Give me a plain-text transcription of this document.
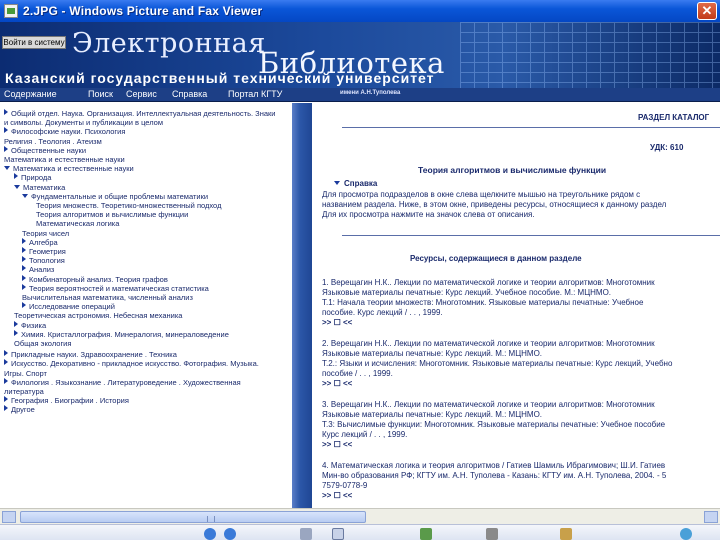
2.JPG - Windows Picture and Fax Viewer	✕
Войти в систему Электронная
Библиотека
Казанский государственный технический университет
Содержание	Поиск Сервис Справка Портал КГТУ	имени А.Н.Туполева
Общий отдел. Наука. Организация. Интеллектуальная деятельность. Знаки
и символы. Документы и публикации в целом
Философские науки. Психология
Религия . Теология . Атеизм
Общественные науки
Математика и естественные науки
Математика и естественные науки
Природа
Математика
Фундаментальные и общие проблемы математики
Теория множеств. Теоретико-множественный подход
Теория алгоритмов и вычислимые функции
Математическая логика
Теория чисел
Алгебра
Геометрия
Топология
Анализ
Комбинаторный анализ. Теория графов
Теория вероятностей и математическая статистика
Вычислительная математика, численный анализ
Исследование операций
Теоретическая астрономия. Небесная механика
Физика
Химия. Кристаллография. Минералогия, минераловедение
Общая экология
Прикладные науки. Здравоохранение . Техника
Искусство. Декоративно - прикладное искусство. Фотография. Музыка.
Игры. Спорт
Филология . Языкознание . Литературоведение . Художественная
литература
География . Биографии . История
Другое
РАЗДЕЛ КАТАЛОГ
УДК: 610
Теория алгоритмов и вычислимые функции
Справка
Для просмотра подразделов в окне слева щелкните мышью на треугольнике рядом с
названием раздела. Ниже, в этом окне, приведены ресурсы, относящиеся к данному раздел
Для их просмотра нажмите на значок слева от описания.
Ресурсы, содержащиеся в данном разделе
1. Верещагин Н.К.. Лекции по математической логике и теории алгоритмов: Многотомник
Языковые материалы печатные: Курс лекций. Учебное пособие. М.: МЦНМО.
Т.1: Начала теории множеств: Многотомник. Языковые материалы печатные: Учебное
пособие. Курс лекций / . . , 1999.
>> ☐ <<
2. Верещагин Н.К.. Лекции по математической логике и теории алгоритмов: Многотомник
Языковые материалы печатные: Курс лекций. М.: МЦНМО.
Т.2.: Языки и исчисления: Многотомник. Языковые материалы печатные: Курс лекций, Учебно
пособие / . . , 1999.
>> ☐ <<
3. Верещагин Н.К.. Лекции по математической логике и теории алгоритмов: Многотомник
Языковые материалы печатные: Курс лекций. М.: МЦНМО.
Т.3: Вычислимые функции: Многотомник. Языковые материалы печатные: Учебное пособие
Курс лекций / . . , 1999.
>> ☐ <<
4. Математическая логика и теория алгоритмов / Гатиев Шамиль Ибрагимович; Ш.И. Гатиев
Мин-во образования РФ; КГТУ им. А.Н. Туполева - Казань: КГТУ им. А.Н. Туполева, 2004. - 5
7579-0778-9
>> ☐ <<
